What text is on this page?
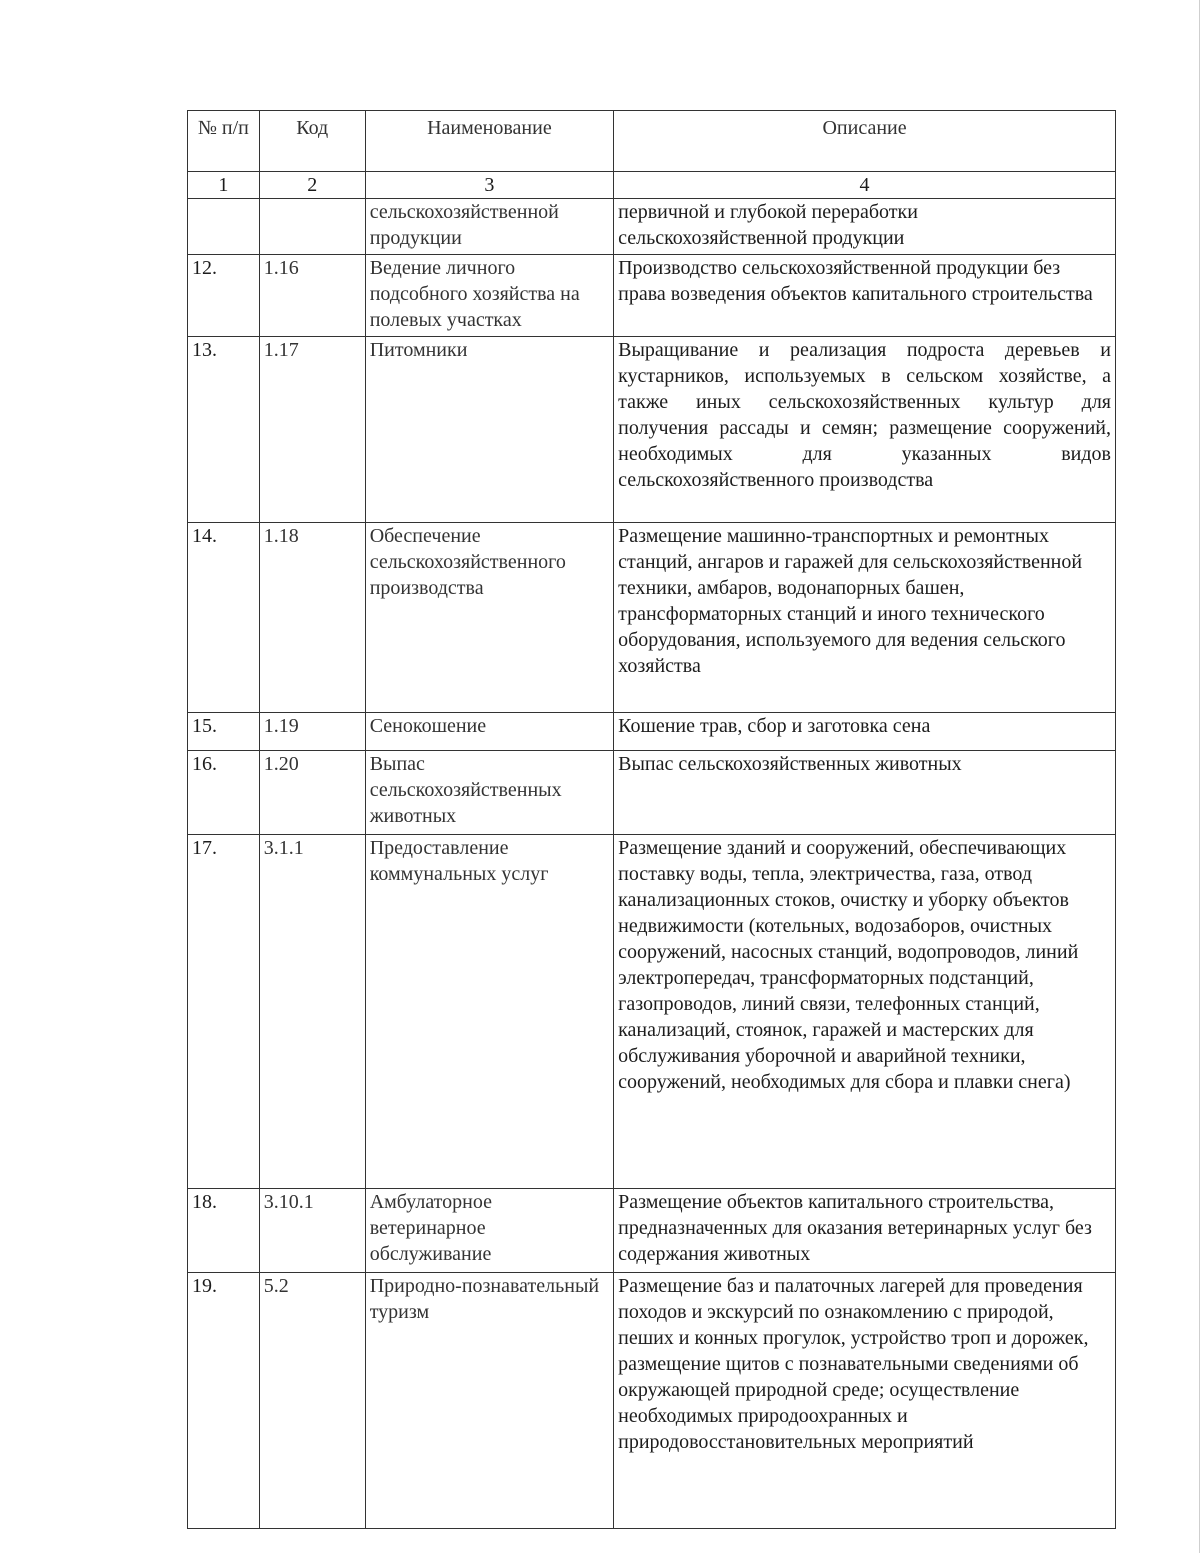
№ п/п	Код	Наименование	Описание
1	2	3	4
		сельскохозяйственной продукции	первичной и глубокой переработки сельскохозяйственной продукции
12.	1.16	Ведение личного подсобного хозяйства на полевых участках	Производство сельскохозяйственной продукции без права возведения объектов капитального строительства
13.	1.17	Питомники	Выращивание и реализация подроста деревьев и кустарников, используемых в сельском хозяйстве, а также иных сельскохозяйственных культур для получения рассады и семян; размещение сооружений, необходимых для указанных видов сельскохозяйственного производства
14.	1.18	Обеспечение сельскохозяйственного производства	Размещение машинно-транспортных и ремонтных станций, ангаров и гаражей для сельскохозяйственной техники, амбаров, водонапорных башен, трансформаторных станций и иного технического оборудования, используемого для ведения сельского хозяйства
15.	1.19	Сенокошение	Кошение трав, сбор и заготовка сена
16.	1.20	Выпас сельскохозяйственных животных	Выпас сельскохозяйственных животных
17.	3.1.1	Предоставление коммунальных услуг	Размещение зданий и сооружений, обеспечивающих поставку воды, тепла, электричества, газа, отвод канализационных стоков, очистку и уборку объектов недвижимости (котельных, водозаборов, очистных сооружений, насосных станций, водопроводов, линий электропередач, трансформаторных подстанций, газопроводов, линий связи, телефонных станций, канализаций, стоянок, гаражей и мастерских для обслуживания уборочной и аварийной техники, сооружений, необходимых для сбора и плавки снега)
18.	3.10.1	Амбулаторное ветеринарное обслуживание	Размещение объектов капитального строительства, предназначенных для оказания ветеринарных услуг без содержания животных
19.	5.2	Природно-познавательный туризм	Размещение баз и палаточных лагерей для проведения походов и экскурсий по ознакомлению с природой, пеших и конных прогулок, устройство троп и дорожек, размещение щитов с познавательными сведениями об окружающей природной среде; осуществление необходимых природоохранных и природовосстановительных мероприятий
